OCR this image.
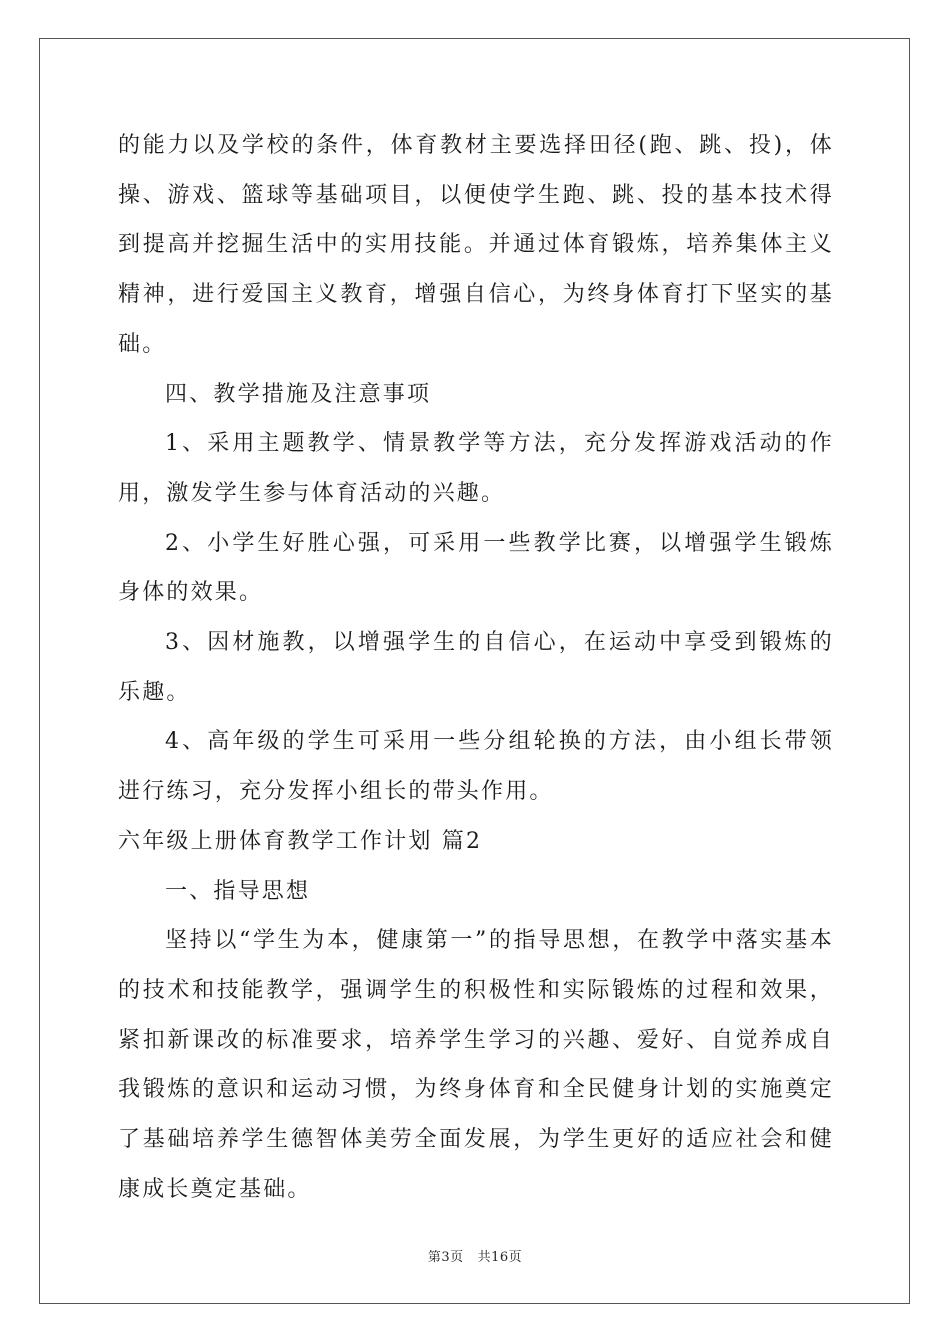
的能力以及学校的条件，体育教材主要选择田径(跑、跳、投)，体操、游戏、篮球等基础项目，以便使学生跑、跳、投的基本技术得到提高并挖掘生活中的实用技能。并通过体育锻炼，培养集体主义精神，进行爱国主义教育，增强自信心，为终身体育打下坚实的基础。

四、教学措施及注意事项

1、采用主题教学、情景教学等方法，充分发挥游戏活动的作用，激发学生参与体育活动的兴趣。

2、小学生好胜心强，可采用一些教学比赛，以增强学生锻炼身体的效果。

3、因材施教，以增强学生的自信心，在运动中享受到锻炼的乐趣。

4、高年级的学生可采用一些分组轮换的方法，由小组长带领进行练习，充分发挥小组长的带头作用。

六年级上册体育教学工作计划 篇2

一、指导思想

坚持以“学生为本，健康第一”的指导思想，在教学中落实基本的技术和技能教学，强调学生的积极性和实际锻炼的过程和效果，紧扣新课改的标准要求，培养学生学习的兴趣、爱好、自觉养成自我锻炼的意识和运动习惯，为终身体育和全民健身计划的实施奠定了基础培养学生德智体美劳全面发展，为学生更好的适应社会和健康成长奠定基础。

第3页 共16页
